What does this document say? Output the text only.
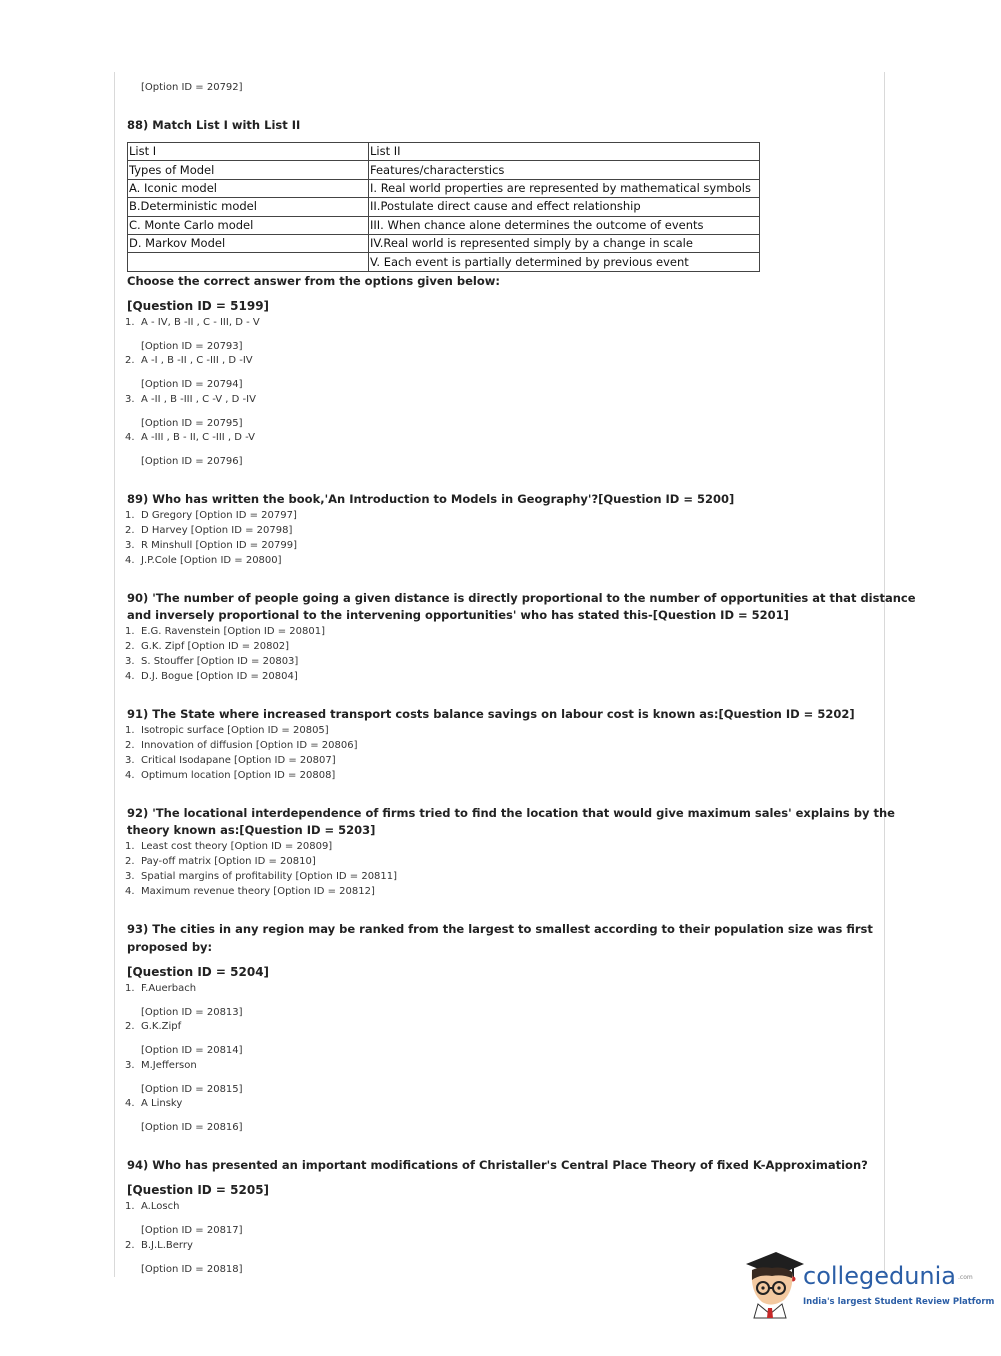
[Option ID = 20792]
88) Match List I with List II
List I	List II
Types of Model	Features/characterstics
A. Iconic model	I. Real world properties are represented by mathematical symbols
B.Deterministic model	II.Postulate direct cause and effect relationship
C. Monte Carlo model	III. When chance alone determines the outcome of events
D. Markov Model	IV.Real world is represented simply by a change in scale
	V. Each event is partially determined by previous event
Choose the correct answer from the options given below:
[Question ID = 5199]
1. A - IV, B -II , C - III, D - V
[Option ID = 20793]
2. A -I , B -II , C -III , D -IV
[Option ID = 20794]
3. A -II , B -III , C -V , D -IV
[Option ID = 20795]
4. A -III , B - II, C -III , D -V
[Option ID = 20796]
89) Who has written the book,'An Introduction to Models in Geography'?[Question ID = 5200]
1. D Gregory [Option ID = 20797]
2. D Harvey [Option ID = 20798]
3. R Minshull [Option ID = 20799]
4. J.P.Cole [Option ID = 20800]
90) 'The number of people going a given distance is directly proportional to the number of opportunities at that distance
and inversely proportional to the intervening opportunities' who has stated this-[Question ID = 5201]
1. E.G. Ravenstein [Option ID = 20801]
2. G.K. Zipf [Option ID = 20802]
3. S. Stouffer [Option ID = 20803]
4. D.J. Bogue [Option ID = 20804]
91) The State where increased transport costs balance savings on labour cost is known as:[Question ID = 5202]
1. Isotropic surface [Option ID = 20805]
2. Innovation of diffusion [Option ID = 20806]
3. Critical Isodapane [Option ID = 20807]
4. Optimum location [Option ID = 20808]
92) 'The locational interdependence of firms tried to find the location that would give maximum sales' explains by the
theory known as:[Question ID = 5203]
1. Least cost theory [Option ID = 20809]
2. Pay-off matrix [Option ID = 20810]
3. Spatial margins of profitability [Option ID = 20811]
4. Maximum revenue theory [Option ID = 20812]
93) The cities in any region may be ranked from the largest to smallest according to their population size was first
proposed by:
[Question ID = 5204]
1. F.Auerbach
[Option ID = 20813]
2. G.K.Zipf
[Option ID = 20814]
3. M.Jefferson
[Option ID = 20815]
4. A Linsky
[Option ID = 20816]
94) Who has presented an important modifications of Christaller's Central Place Theory of fixed K-Approximation?
[Question ID = 5205]
1. A.Losch
[Option ID = 20817]
2. B.J.L.Berry
[Option ID = 20818]	collegedunia .com
India's largest Student Review Platform
